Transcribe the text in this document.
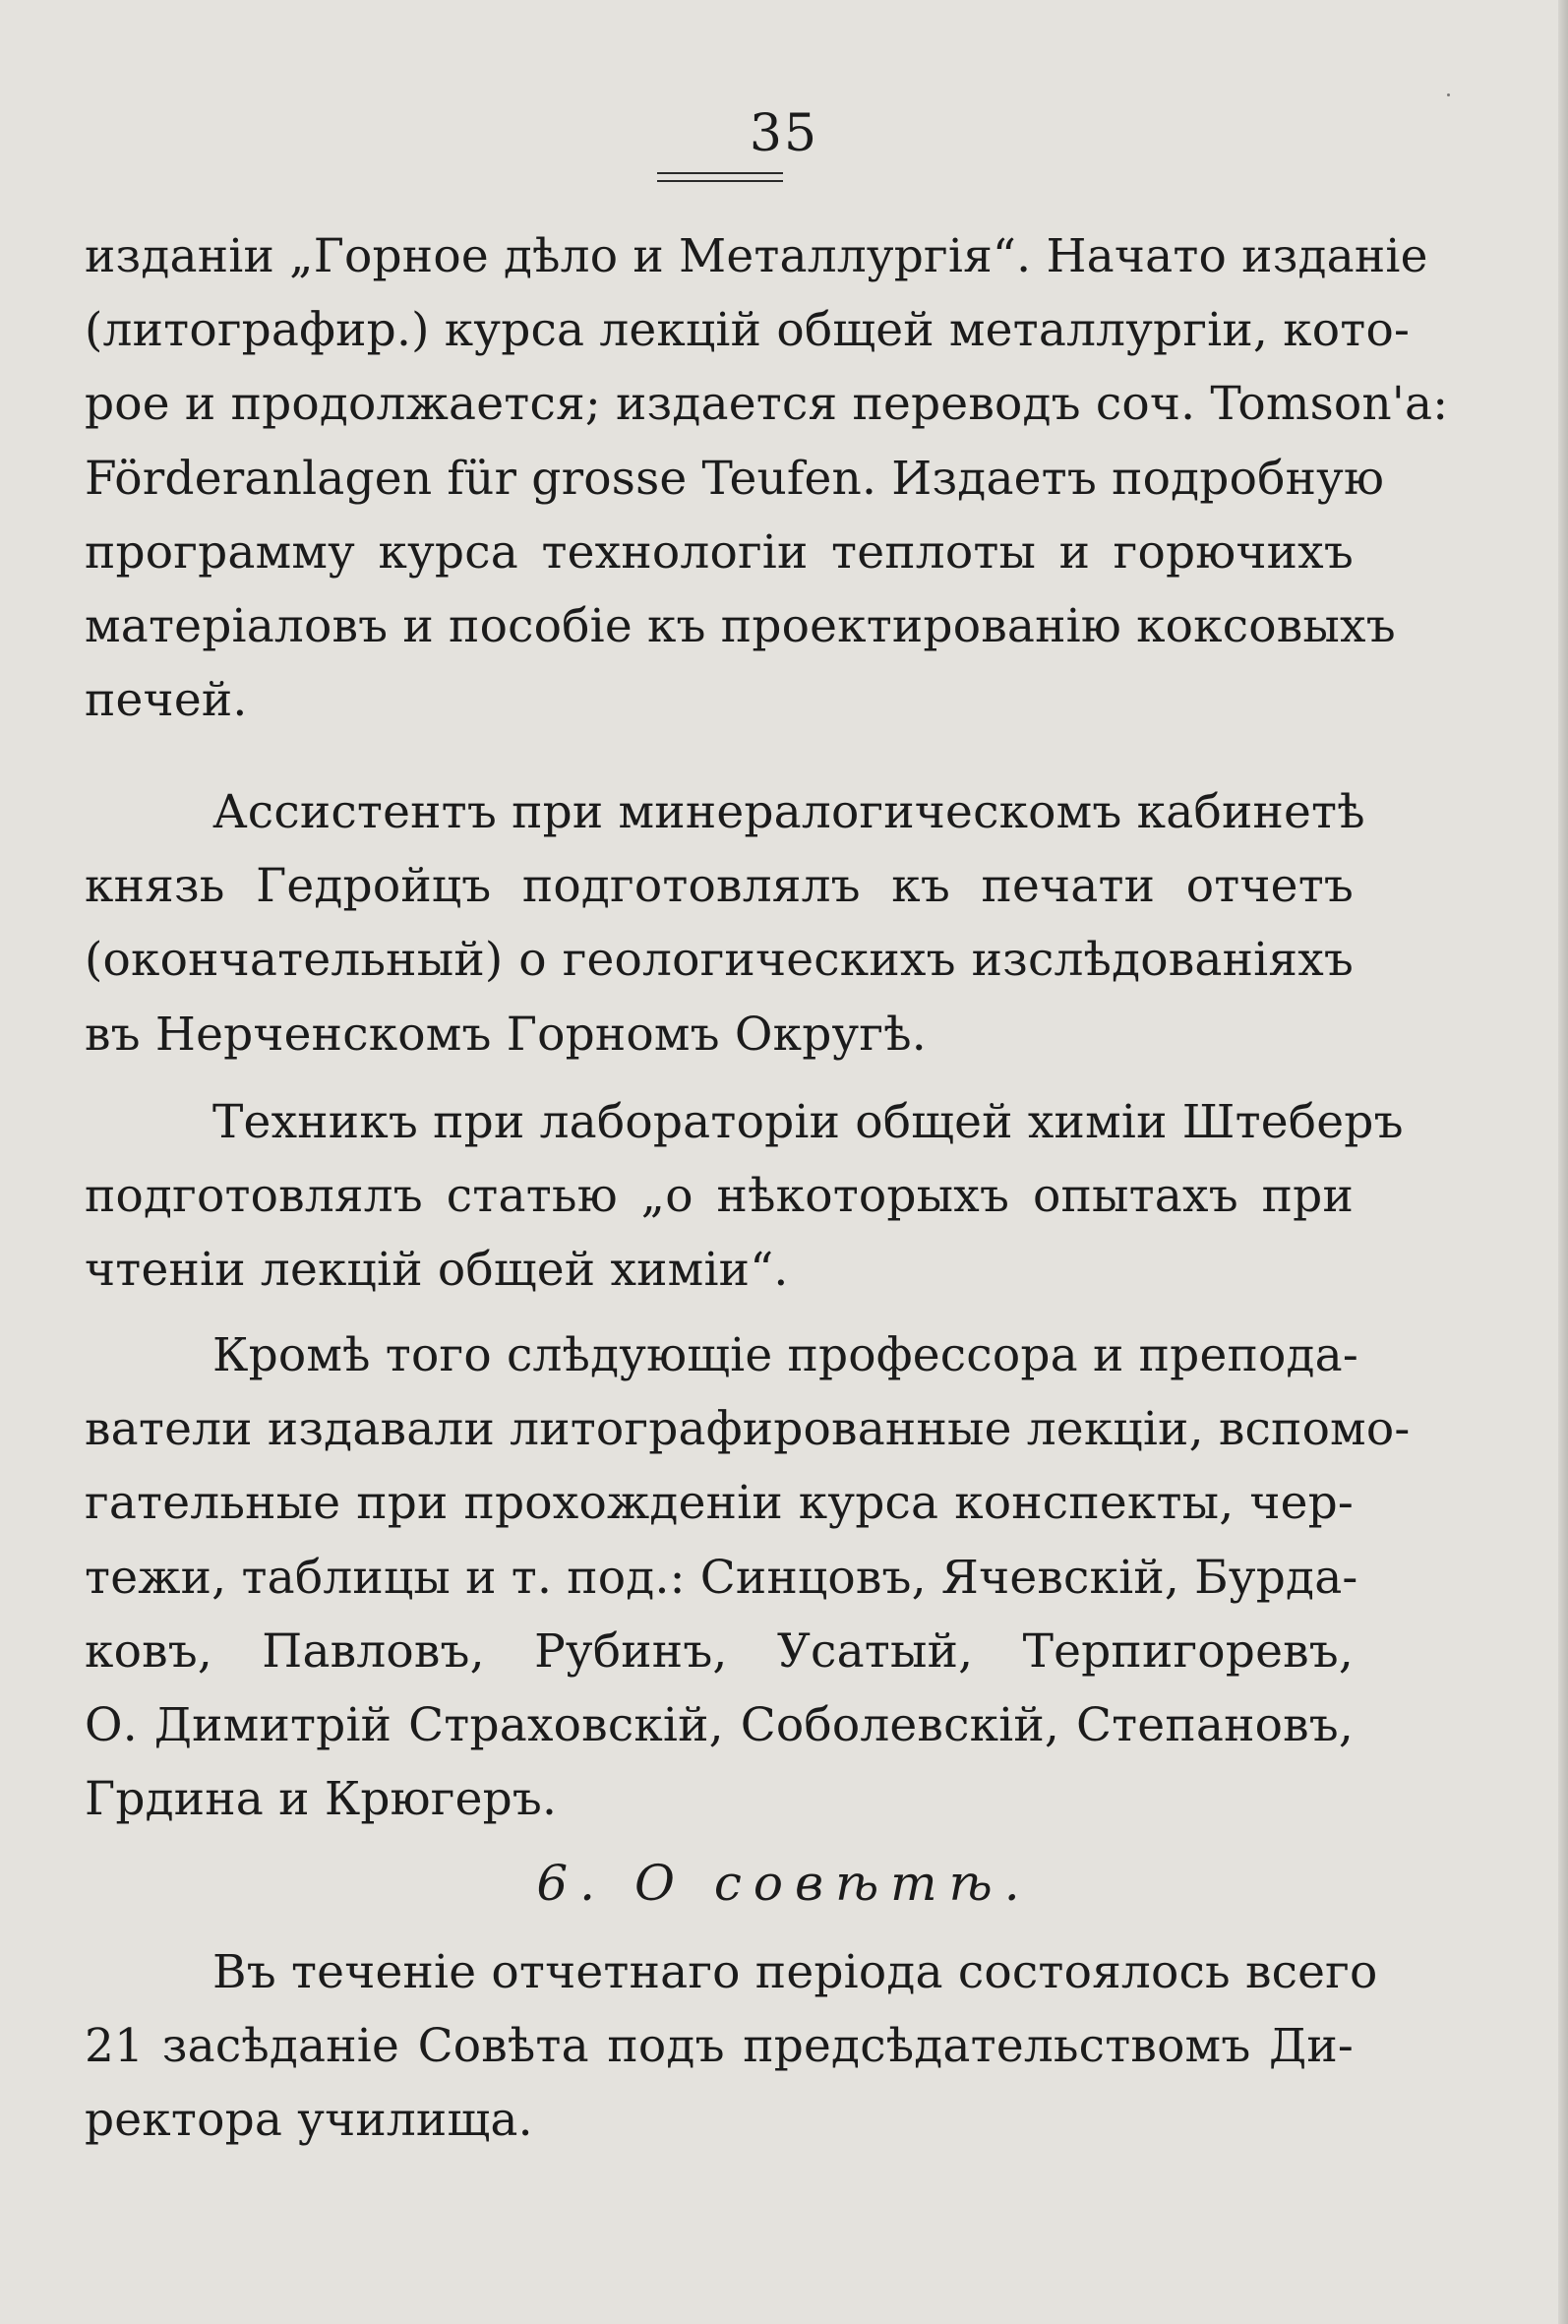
35
изданіи „Горное дѣло и Металлургія“. Начато изданіе
(литографир.) курса лекцій общей металлургіи, кото-
рое и продолжается; издается переводъ соч. Tomson'a:
Förderanlagen für grosse Teufen. Издаетъ подробную
программу курса технологіи теплоты и горючихъ
матеріаловъ и пособіе къ проектированію коксовыхъ
печей.
Ассистентъ при минералогическомъ кабинетѣ
князь Гедройцъ подготовлялъ къ печати отчетъ
(окончательный) о геологическихъ изслѣдованіяхъ
въ Нерченскомъ Горномъ Округѣ.
Техникъ при лабораторіи общей химіи Штеберъ
подготовлялъ статью „о нѣкоторыхъ опытахъ при
чтеніи лекцій общей химіи“.
Кромѣ того слѣдующіе профессора и препода-
ватели издавали литографированные лекціи, вспомо-
гательные при прохожденіи курса конспекты, чер-
тежи, таблицы и т. под.: Синцовъ, Ячевскій, Бурда-
ковъ, Павловъ, Рубинъ, Усатый, Терпигоревъ,
О. Димитрій Страховскій, Соболевскій, Степановъ,
Грдина и Крюгеръ.
6. О совѣтѣ.
Въ теченіе отчетнаго періода состоялось всего
21 засѣданіе Совѣта подъ предсѣдательствомъ Ди-
ректора училища.
